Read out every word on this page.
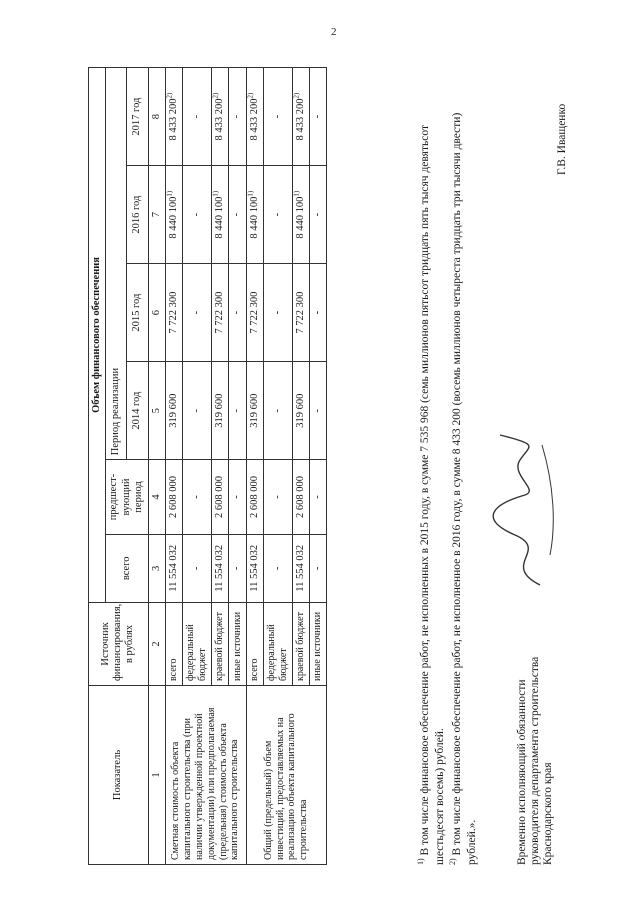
2
Показатель	Источник финансирования, в рублях	Объем финансового обеспечения					
		всего	предшест-вующий период	Период реализации			
				2014 год	2015 год	2016 год	2017 год
1	2	3	4	5	6	7	8
Сметная стоимость объекта капитального строительства (при наличии утвержденной проектной документации) или предполагаемая (предельная) стоимость объекта капитального строительства	всего	11 554 032	2 608 000	319 600	7 722 300	8 440 100$^{1)}$	8 433 200$^{2)}$
	федеральный бюджет	-	-	-	-	-	-
	краевой бюджет	11 554 032	2 608 000	319 600	7 722 300	8 440 100$^{1)}$	8 433 200$^{2)}$
	иные источники	-	-	-	-	-	-
Общий (предельный) объем инвестиций, предоставляемых на реализацию объекта капитального строительства	всего	11 554 032	2 608 000	319 600	7 722 300	8 440 100$^{1)}$	8 433 200$^{2)}$
	федеральный бюджет	-	-	-	-	-	-
	краевой бюджет	11 554 032	2 608 000	319 600	7 722 300	8 440 100$^{1)}$	8 433 200$^{2)}$
	иные источники	-	-	-	-	-	-
$^{1)}$ В том числе финансовое обеспечение работ, не исполненных в 2015 году, в сумме 7 535 968 (семь миллионов пятьсот тридцать пять тысяч девятьсот шестьдесят восемь) рублей. $^{2)}$ В том числе финансовое обеспечение работ, не исполненное в 2016 году, в сумме 8 433 200 (восемь миллионов четыреста тридцать три тысячи двести) рублей.».	Временно исполняющий обязанности руководителя департамента строительства Краснодарского края
Г.В. Иващенко
